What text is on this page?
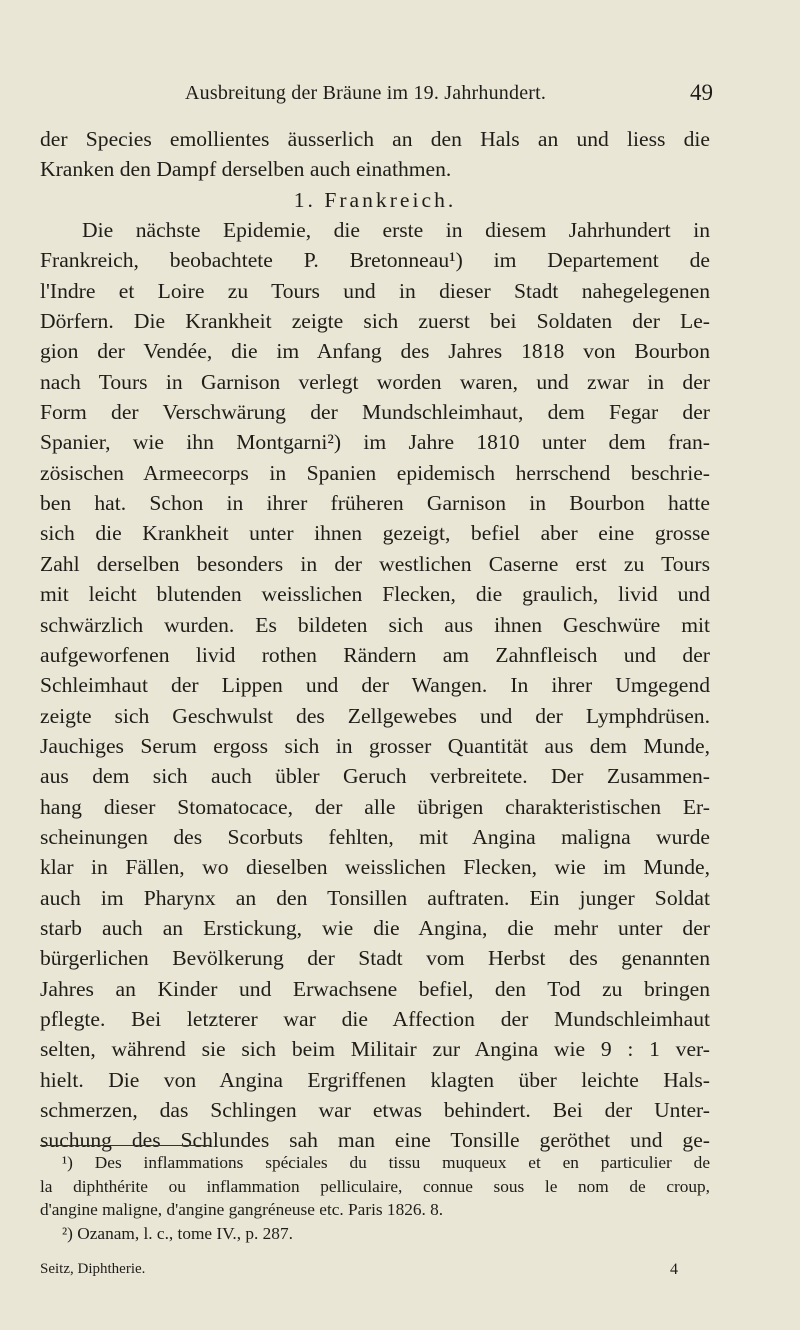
Ausbreitung der Bräune im 19. Jahrhundert.	49
der Species emollientes äusserlich an den Hals an und liess die
Kranken den Dampf derselben auch einathmen.
1. Frankreich.
Die nächste Epidemie, die erste in diesem Jahrhundert in
Frankreich, beobachtete P. Bretonneau¹) im Departement de
l'Indre et Loire zu Tours und in dieser Stadt nahegelegenen
Dörfern. Die Krankheit zeigte sich zuerst bei Soldaten der Le-
gion der Vendée, die im Anfang des Jahres 1818 von Bourbon
nach Tours in Garnison verlegt worden waren, und zwar in der
Form der Verschwärung der Mundschleimhaut, dem Fegar der
Spanier, wie ihn Montgarni²) im Jahre 1810 unter dem fran-
zösischen Armeecorps in Spanien epidemisch herrschend beschrie-
ben hat. Schon in ihrer früheren Garnison in Bourbon hatte
sich die Krankheit unter ihnen gezeigt, befiel aber eine grosse
Zahl derselben besonders in der westlichen Caserne erst zu Tours
mit leicht blutenden weisslichen Flecken, die graulich, livid und
schwärzlich wurden. Es bildeten sich aus ihnen Geschwüre mit
aufgeworfenen livid rothen Rändern am Zahnfleisch und der
Schleimhaut der Lippen und der Wangen. In ihrer Umgegend
zeigte sich Geschwulst des Zellgewebes und der Lymphdrüsen.
Jauchiges Serum ergoss sich in grosser Quantität aus dem Munde,
aus dem sich auch übler Geruch verbreitete. Der Zusammen-
hang dieser Stomatocace, der alle übrigen charakteristischen Er-
scheinungen des Scorbuts fehlten, mit Angina maligna wurde
klar in Fällen, wo dieselben weisslichen Flecken, wie im Munde,
auch im Pharynx an den Tonsillen auftraten. Ein junger Soldat
starb auch an Erstickung, wie die Angina, die mehr unter der
bürgerlichen Bevölkerung der Stadt vom Herbst des genannten
Jahres an Kinder und Erwachsene befiel, den Tod zu bringen
pflegte. Bei letzterer war die Affection der Mundschleimhaut
selten, während sie sich beim Militair zur Angina wie 9 : 1 ver-
hielt. Die von Angina Ergriffenen klagten über leichte Hals-
schmerzen, das Schlingen war etwas behindert. Bei der Unter-
suchung des Schlundes sah man eine Tonsille geröthet und ge-
¹) Des inflammations spéciales du tissu muqueux et en particulier de
la diphthérite ou inflammation pelliculaire, connue sous le nom de croup,
d'angine maligne, d'angine gangréneuse etc. Paris 1826. 8.
²) Ozanam, l. c., tome IV., p. 287.
Seitz, Diphtherie.	4
